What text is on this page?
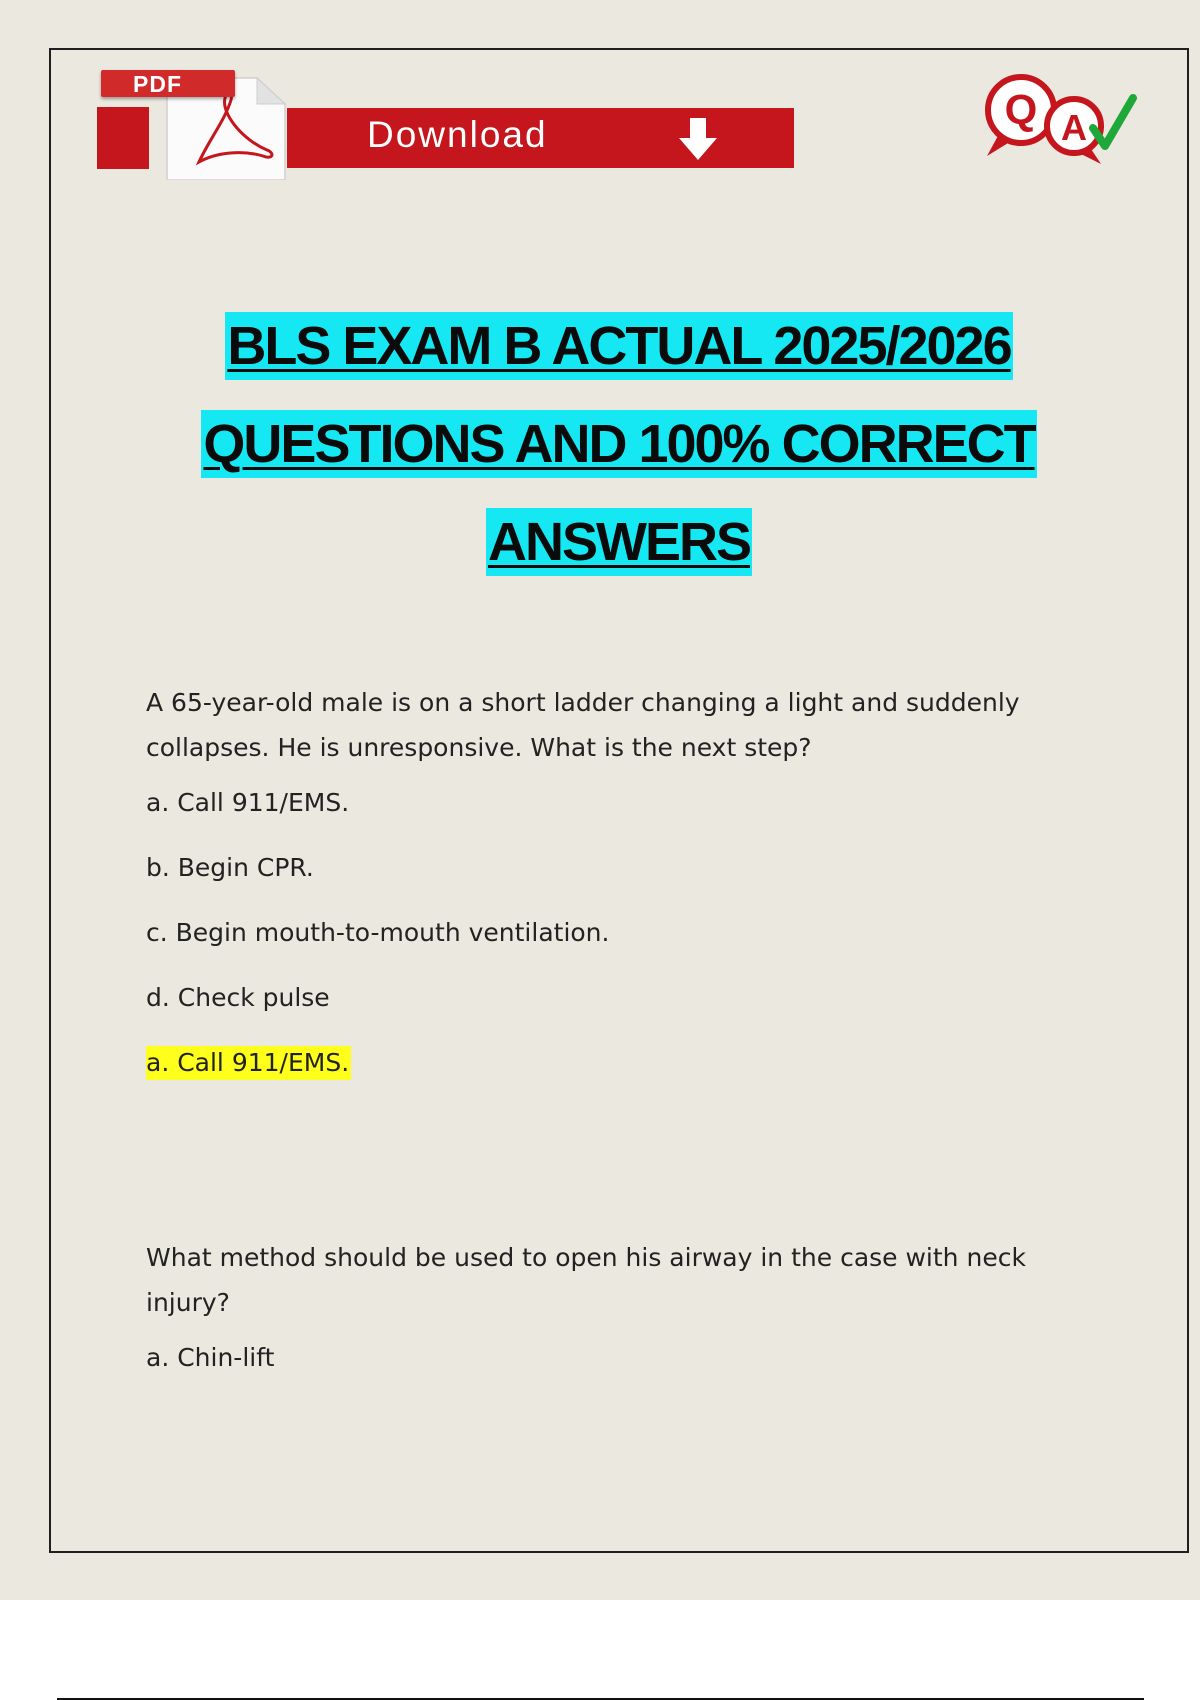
Download
PDF
Q A
BLS EXAM B ACTUAL 2025/2026
QUESTIONS AND 100% CORRECT
ANSWERS

A 65-year-old male is on a short ladder changing a light and suddenly collapses. He is unresponsive. What is the next step?

a. Call 911/EMS.

b. Begin CPR.

c. Begin mouth-to-mouth ventilation.

d. Check pulse

a. Call 911/EMS.

What method should be used to open his airway in the case with neck injury?

a. Chin-lift
